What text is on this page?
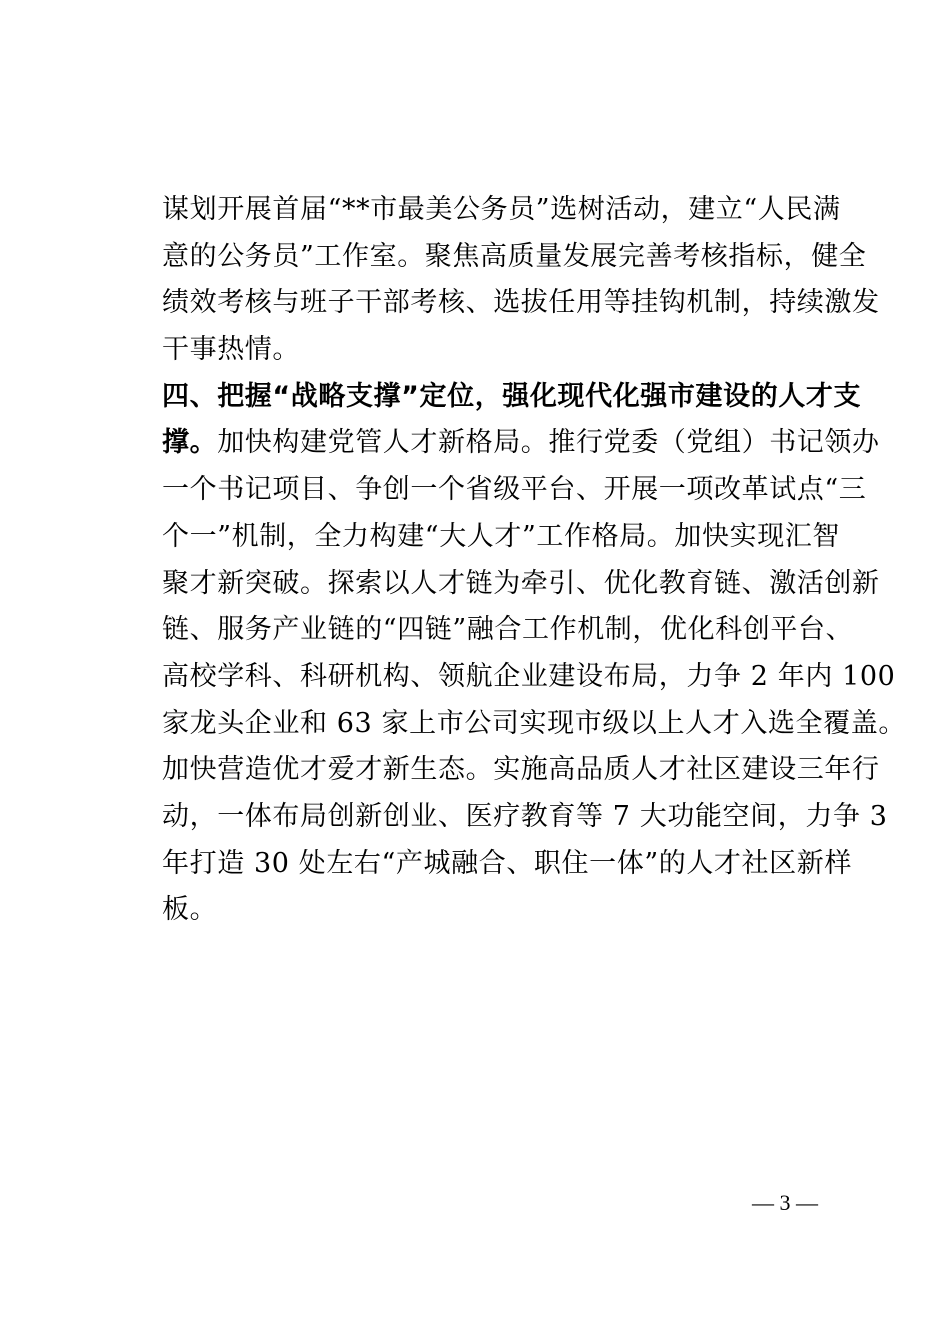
谋划开展首届“**市最美公务员”选树活动，建立“人民满
意的公务员”工作室。聚焦高质量发展完善考核指标，健全
绩效考核与班子干部考核、选拔任用等挂钩机制，持续激发
干事热情。
四、把握“战略支撑”定位，强化现代化强市建设的人才支
撑。加快构建党管人才新格局。推行党委（党组）书记领办
一个书记项目、争创一个省级平台、开展一项改革试点“三
个一”机制，全力构建“大人才”工作格局。加快实现汇智
聚才新突破。探索以人才链为牵引、优化教育链、激活创新
链、服务产业链的“四链”融合工作机制，优化科创平台、
高校学科、科研机构、领航企业建设布局，力争 2 年内 100
家龙头企业和 63 家上市公司实现市级以上人才入选全覆盖。
加快营造优才爱才新生态。实施高品质人才社区建设三年行
动，一体布局创新创业、医疗教育等 7 大功能空间，力争 3
年打造 30 处左右“产城融合、职住一体”的人才社区新样
板。
— 3 —
